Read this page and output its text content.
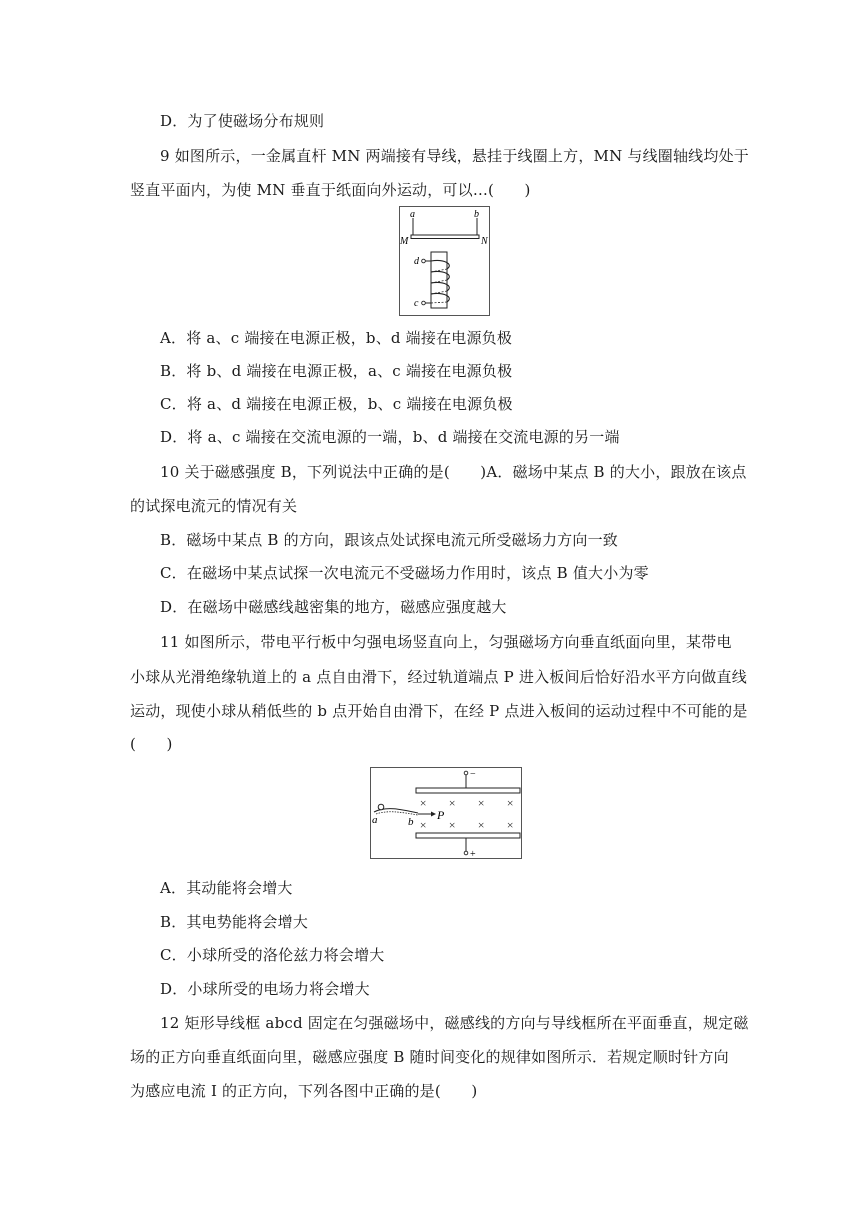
D．为了使磁场分布规则
9 如图所示，一金属直杆 MN 两端接有导线，悬挂于线圈上方，MN 与线圈轴线均处于
竖直平面内，为使 MN 垂直于纸面向外运动，可以…(　　)
a	b
M	N
d
c
A．将 a、c 端接在电源正极，b、d 端接在电源负极
B．将 b、d 端接在电源正极，a、c 端接在电源负极
C．将 a、d 端接在电源正极，b、c 端接在电源负极
D．将 a、c 端接在交流电源的一端，b、d 端接在交流电源的另一端
10 关于磁感强度 B，下列说法中正确的是(　　)A．磁场中某点 B 的大小，跟放在该点
的试探电流元的情况有关
B．磁场中某点 B 的方向，跟该点处试探电流元所受磁场力方向一致
C．在磁场中某点试探一次电流元不受磁场力作用时，该点 B 值大小为零
D．在磁场中磁感线越密集的地方，磁感应强度越大
11 如图所示，带电平行板中匀强电场竖直向上，匀强磁场方向垂直纸面向里，某带电
小球从光滑绝缘轨道上的 a 点自由滑下，经过轨道端点 P 进入板间后恰好沿水平方向做直线
运动，现使小球从稍低些的 b 点开始自由滑下，在经 P 点进入板间的运动过程中不可能的是
(　　)
−
+
× × × ×
× × × ×
a	b P
A．其动能将会增大
B．其电势能将会增大
C．小球所受的洛伦兹力将会增大
D．小球所受的电场力将会增大
12 矩形导线框 abcd 固定在匀强磁场中，磁感线的方向与导线框所在平面垂直，规定磁
场的正方向垂直纸面向里，磁感应强度 B 随时间变化的规律如图所示．若规定顺时针方向
为感应电流 I 的正方向，下列各图中正确的是(　　)
